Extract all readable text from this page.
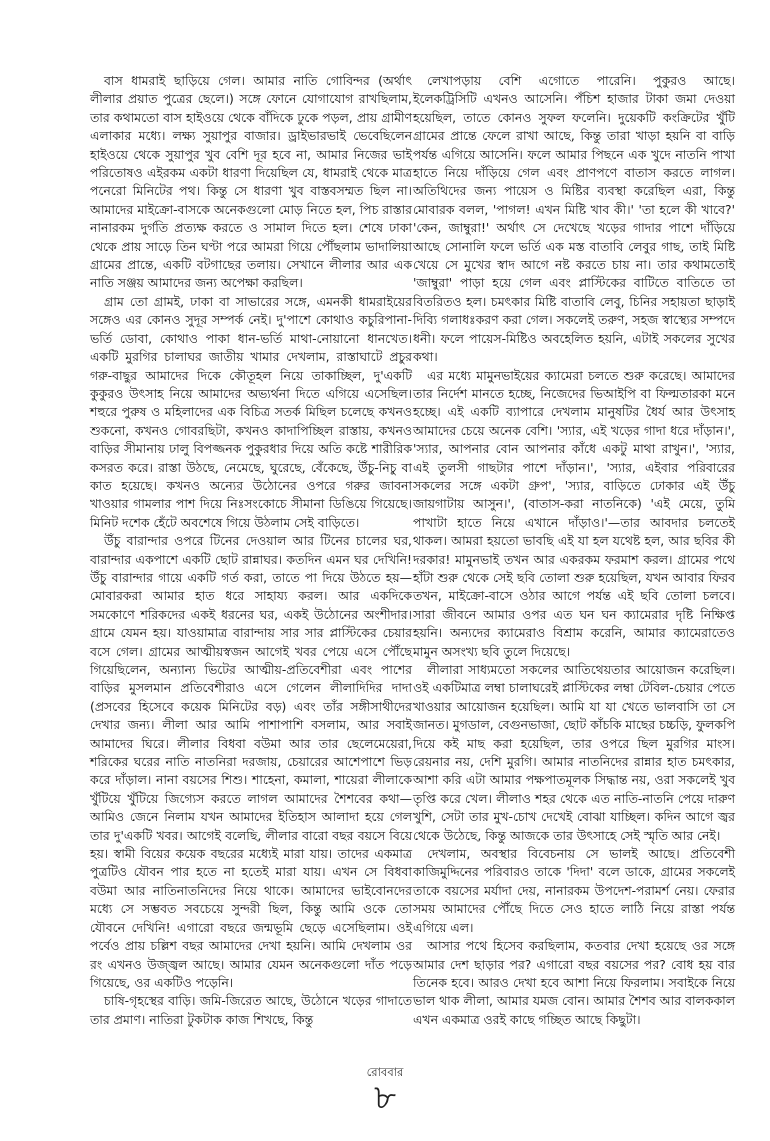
বাস ধামরাই ছাড়িয়ে গেল। আমার নাতি গোবিন্দর (অর্থাৎ লীলার প্রয়াত পুত্রের ছেলে।) সঙ্গে ফোনে যোগাযোগ রাখছিলাম, তার কথামতো বাস হাইওয়ে থেকে বাঁদিকে ঢুকে পড়ল, প্রায় গ্রামীণ এলাকার মধ্যে। লক্ষ্য সুয়াপুর বাজার। ড্রাইভারভাই ভেবেছিলেন হাইওয়ে থেকে সুয়াপুর খুব বেশি দূর হবে না, আমার নিজের ভাই পরিতোষও এইরকম একটা ধারণা দিয়েছিল যে, ধামরাই থেকে মাত্র পনেরো মিনিটের পথ। কিন্তু সে ধারণা খুব বাস্তবসম্মত ছিল না। আমাদের মাইক্রো-বাসকে অনেকগুলো মোড় নিতে হল, পিচ রাস্তার নানারকম দুর্গতি প্রত্যক্ষ করতে ও সামাল দিতে হল। শেষে ঢাকা থেকে প্রায় সাড়ে তিন ঘণ্টা পরে আমরা গিয়ে পৌঁছলাম ভাদালিয়া গ্রামের প্রান্তে, একটি বটগাছের তলায়। সেখানে লীলার আর এক নাতি সঞ্জয় আমাদের জন্য অপেক্ষা করছিল।

গ্রাম তো গ্রামই, ঢাকা বা সাভারের সঙ্গে, এমনকী ধামরাইয়ের সঙ্গেও এর কোনও সুদূর সম্পর্ক নেই। দু'পাশে কোথাও কচুরিপানা-ভর্তি ডোবা, কোথাও পাকা ধান-ভর্তি মাথা-নোয়ানো ধানখেত। একটি মুরগির চালাঘর জাতীয় খামার দেখলাম, রাস্তাঘাটে প্রচুর গরু-বাছুর আমাদের দিকে কৌতূহল নিয়ে তাকাচ্ছিল, দু'একটি কুকুরও উৎসাহ নিয়ে আমাদের অভ্যর্থনা দিতে এগিয়ে এসেছিল। শহুরে পুরুষ ও মহিলাদের এক বিচিত্র সতর্ক মিছিল চলেছে কখনও শুকনো, কখনও গোবরছিটা, কখনও কাদাপিচ্ছিল রাস্তায়, কখনও বাড়ির সীমানায় ঢালু বিপজ্জনক পুকুরধার দিয়ে অতি কষ্টে শারীরিক কসরত করে। রাস্তা উঠছে, নেমেছে, ঘুরেছে, বেঁকেছে, উঁচু-নিচু বা কাত হয়েছে। কখনও অন্যের উঠোনের ওপরে গরুর জাবনা খাওয়ার গামলার পাশ দিয়ে নিঃসংকোচে সীমানা ডিঙিয়ে গিয়েছে। মিনিট দশেক হেঁটে অবশেষে গিয়ে উঠলাম সেই বাড়িতে।

উঁচু বারান্দার ওপরে টিনের দেওয়াল আর টিনের চালের ঘর, বারান্দার একপাশে একটি ছোট রান্নাঘর। কতদিন এমন ঘর দেখিনি! উঁচু বারান্দার গায়ে একটি গর্ত করা, তাতে পা দিয়ে উঠতে হয়—মোবারকরা আমার হাত ধরে সাহায্য করল। আর একদিকে সমকোণে শরিকদের একই ধরনের ঘর, একই উঠোনের অংশীদার। গ্রামে যেমন হয়। যাওয়ামাত্র বারান্দায় সার সার প্লাস্টিকের চেয়ার বসে গেল। গ্রামের আত্মীয়স্বজন আগেই খবর পেয়ে এসে পৌঁছে গিয়েছিলেন, অন্যান্য ভিটের আত্মীয়-প্রতিবেশীরা এবং পাশের বাড়ির মুসলমান প্রতিবেশীরাও এসে গেলেন লীলাদিদির দাদা (প্রসবের হিসেবে কয়েক মিনিটের বড়) এবং তাঁর সঙ্গীসাথীদের দেখার জন্য। লীলা আর আমি পাশাপাশি বসলাম, আর সবাই আমাদের ঘিরে। লীলার বিধবা বউমা আর তার ছেলেমেয়েরা, শরিকের ঘরের নাতি নাতনিরা দরজায়, চেয়ারের আশেপাশে ভিড় করে দাঁড়াল। নানা বয়সের শিশু। শাহেনা, কমালা, শায়েরা লীলাকে খুঁটিয়ে খুঁটিয়ে জিগ্যেস করতে লাগল আমাদের শৈশবের কথা—আমিও জেনে নিলাম যখন আমাদের ইতিহাস আলাদা হয়ে গেল তার দু'একটি খবর। আগেই বলেছি, লীলার বারো বছর বয়সে বিয়ে হয়। স্বামী বিয়ের কয়েক বছরের মধ্যেই মারা যায়। তাদের একমাত্র পুত্রটিও যৌবন পার হতে না হতেই মারা যায়। এখন সে বিধবা বউমা আর নাতিনাতনিদের নিয়ে থাকে। আমাদের ভাইবোনদের মধ্যে সে সম্ভবত সবচেয়ে সুন্দরী ছিল, কিন্তু আমি ওকে তো যৌবনে দেখিনি! এগারো বছরে জন্মভূমি ছেড়ে এসেছিলাম। ওই পর্বেও প্রায় চল্লিশ বছর আমাদের দেখা হয়নি। আমি দেখলাম ওর রং এখনও উজ্জ্বল আছে। আমার যেমন অনেকগুলো দাঁত পড়ে গিয়েছে, ওর একটিও পড়েনি।

চাষি-গৃহস্থের বাড়ি। জমি-জিরেত আছে, উঠোনে খড়ের গাদাতে তার প্রমাণ। নাতিরা টুকটাক কাজ শিখছে, কিন্তু

লেখাপড়ায় বেশি এগোতে পারেনি। পুকুরও আছে। ইলেকট্রিসিটি এখনও আসেনি। পঁচিশ হাজার টাকা জমা দেওয়া হয়েছিল, তাতে কোনও সুফল ফলেনি। দুয়েকটি কংক্রিটের খুঁটি গ্রামের প্রান্তে ফেলে রাখা আছে, কিন্তু তারা খাড়া হয়নি বা বাড়ি পর্যন্ত এগিয়ে আসেনি। ফলে আমার পিছনে এক খুদে নাতনি পাখা হাতে নিয়ে দাঁড়িয়ে গেল এবং প্রাণপণে বাতাস করতে লাগল। অতিথিদের জন্য পায়েস ও মিষ্টির ব্যবস্থা করেছিল এরা, কিন্তু মোবারক বলল, 'পাগল! এখন মিষ্টি খাব কী।' 'তা হলে কী খাবে?' 'কেন, জাম্বুরা!' অর্থাৎ সে দেখেছে খড়ের গাদার পাশে দাঁড়িয়ে আছে সোনালি ফলে ভর্তি এক মস্ত বাতাবি লেবুর গাছ, তাই মিষ্টি খেয়ে সে মুখের স্বাদ আগে নষ্ট করতে চায় না। তার কথামতোই 'জাম্বুরা' পাড়া হয়ে গেল এবং প্লাস্টিকের বাটিতে বাতিতে তা বিতরিতও হল। চমৎকার মিষ্টি বাতাবি লেবু, চিনির সহায়তা ছাড়াই দিব্যি গলাধঃকরণ করা গেল। সকলেই তরুণ, সহজ স্বাস্থ্যের সম্পদে ধনী। ফলে পায়েস-মিষ্টিও অবহেলিত হয়নি, এটাই সকলের সুখের কথা।

এর মধ্যে মামুনভাইয়ের ক্যামেরা চলতে শুরু করেছে। আমাদের তার নির্দেশ মানতে হচ্ছে, নিজেদের ভিআইপি বা ফিল্মতারকা মনে হচ্ছে। এই একটি ব্যাপারে দেখলাম মানুষটির ধৈর্য আর উৎসাহ আমাদের চেয়ে অনেক বেশি। 'স্যার, এই খড়ের গাদা ধরে দাঁড়ান।', 'স্যার, আপনার বোন আপনার কাঁধে একটু মাথা রাখুন।', 'স্যার, এই তুলসী গাছটার পাশে দাঁড়ান।', 'স্যার, এইবার পরিবারের সকলের সঙ্গে একটা গ্রুপ', 'স্যার, বাড়িতে ঢোকার এই উঁচু জায়গাটায় আসুন।', (বাতাস-করা নাতনিকে) 'এই মেয়ে, তুমি পাখাটা হাতে নিয়ে এখানে দাঁড়াও।'—তার আবদার চলতেই থাকল। আমরা হয়তো ভাবছি এই যা হল যথেষ্ট হল, আর ছবির কী দরকার! মামুনভাই তখন আর একরকম ফরমাশ করল। গ্রামের পথে হাঁটা শুরু থেকে সেই ছবি তোলা শুরু হয়েছিল, যখন আবার ফিরব তখন, মাইক্রো-বাসে ওঠার আগে পর্যন্ত এই ছবি তোলা চলবে। সারা জীবনে আমার ওপর এত ঘন ঘন ক্যামেরার দৃষ্টি নিক্ষিপ্ত হয়নি। অন্যদের ক্যামেরাও বিশ্রাম করেনি, আমার ক্যামেরাতেও মামুন অসংখ্য ছবি তুলে দিয়েছে।

লীলারা সাধ্যমতো সকলের আতিথেয়তার আয়োজন করেছিল। ওই একটিমাত্র লম্বা চালাঘরেই প্লাস্টিকের লম্বা টেবিল-চেয়ার পেতে খাওয়ার আয়োজন হয়েছিল। আমি যা যা খেতে ভালবাসি তা সে জানত। মুগডাল, বেগুনভাজা, ছোট কাঁচকি মাছের চচ্চড়ি, ফুলকপি দিয়ে কই মাছ করা হয়েছিল, তার ওপরে ছিল মুরগির মাংস। রেয়নার নয়, দেশি মুরগি। আমার নাতনিদের রান্নার হাত চমৎকার, আশা করি এটা আমার পক্ষপাতমূলক সিদ্ধান্ত নয়, ওরা সকলেই খুব তৃপ্তি করে খেল। লীলাও শহর থেকে এত নাতি-নাতনি পেয়ে দারুণ খুশি, সেটা তার মুখ-চোখ দেখেই বোঝা যাচ্ছিল। কদিন আগে জ্বর থেকে উঠেছে, কিন্তু আজকে তার উৎসাহে সেই স্মৃতি আর নেই।

দেখলাম, অবস্থার বিবেচনায় সে ভালই আছে। প্রতিবেশী কাজিমুদ্দিনের পরিবারও তাকে 'দিদা' বলে ডাকে, গ্রামের সকলেই তাকে বয়সের মর্যাদা দেয়, নানারকম উপদেশ-পরামর্শ নেয়। ফেরার সময় আমাদের পৌঁছে দিতে সেও হাতে লাঠি নিয়ে রাস্তা পর্যন্ত এগিয়ে এল।

আসার পথে হিসেব করছিলাম, কতবার দেখা হয়েছে ওর সঙ্গে আমার দেশ ছাড়ার পর? এগারো বছর বয়সের পর? বোধ হয় বার তিনেক হবে। আরও দেখা হবে আশা নিয়ে ফিরলাম। সবাইকে নিয়ে ভাল থাক লীলা, আমার যমজ বোন। আমার শৈশব আর বালককাল এখন একমাত্র ওরই কাছে গচ্ছিত আছে কিছুটা।

রোববার
৮
